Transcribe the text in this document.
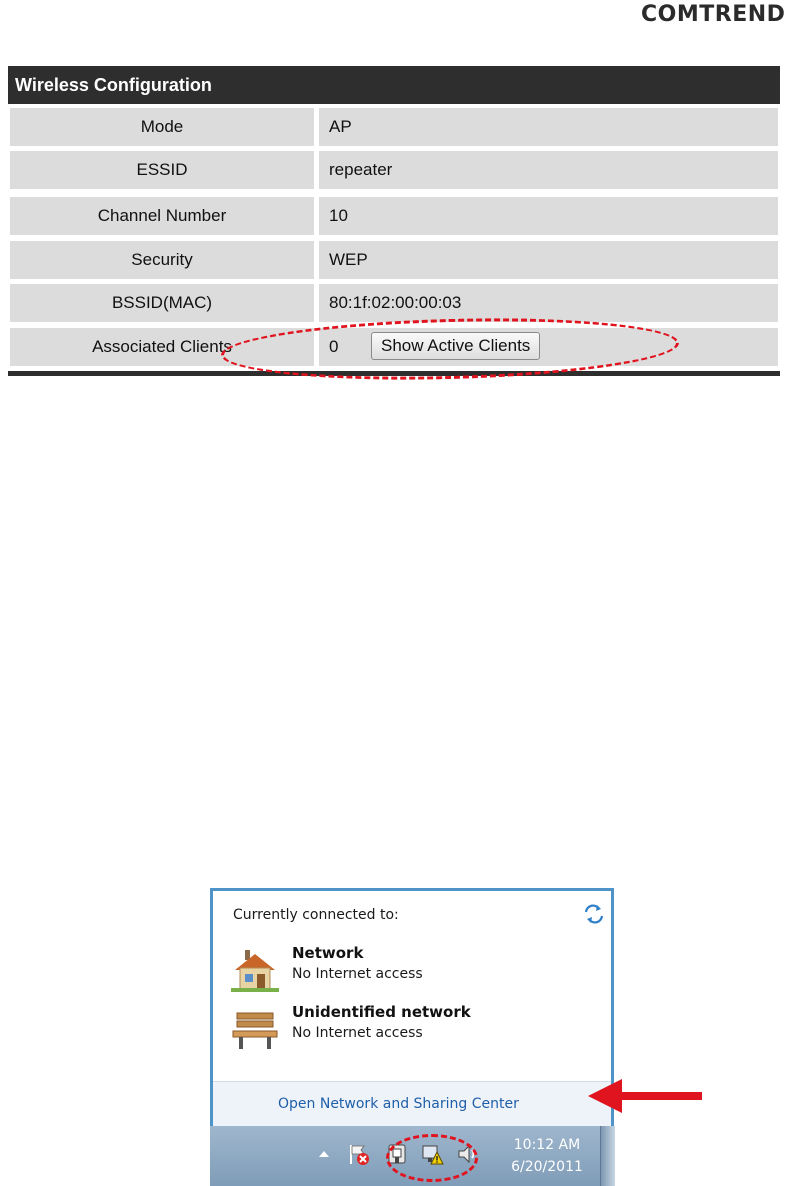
COMTREND
Wireless Configuration
Mode	AP
ESSID	repeater
Channel Number	10
Security	WEP
BSSID(MAC)	80:1f:02:00:00:03
Associated Clients	0	Show Active Clients
Currently connected to:
Network
No Internet access
Unidentified network
No Internet access
Open Network and Sharing Center
10:12 AM
6/20/2011
